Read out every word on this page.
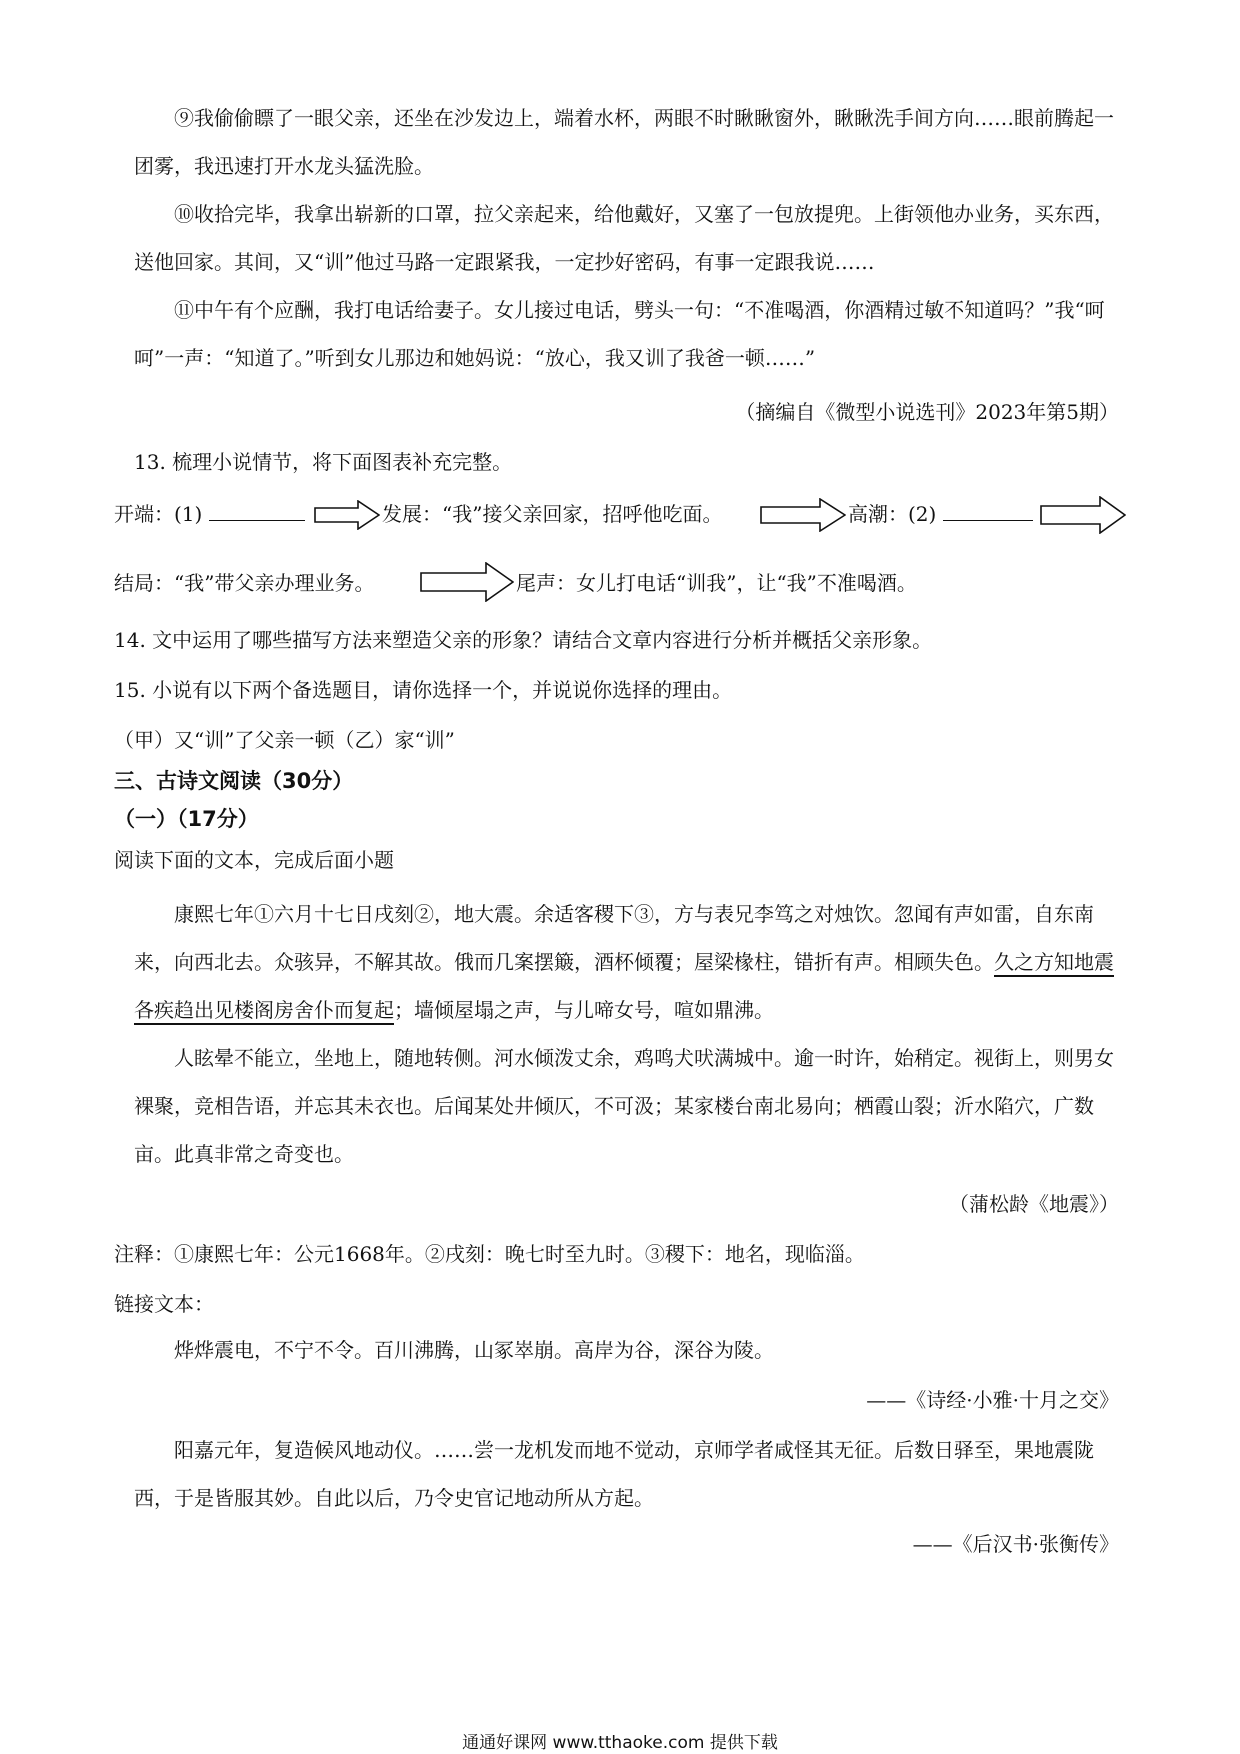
⑨我偷偷瞟了一眼父亲，还坐在沙发边上，端着水杯，两眼不时瞅瞅窗外，瞅瞅洗手间方向……眼前腾起一团雾，我迅速打开水龙头猛洗脸。

⑩收拾完毕，我拿出崭新的口罩，拉父亲起来，给他戴好，又塞了一包放提兜。上街领他办业务，买东西，送他回家。其间，又“训”他过马路一定跟紧我，一定抄好密码，有事一定跟我说……

⑪中午有个应酬，我打电话给妻子。女儿接过电话，劈头一句：“不准喝酒，你酒精过敏不知道吗？”我“呵呵”一声：“知道了。”听到女儿那边和她妈说：“放心，我又训了我爸一顿……”

（摘编自《微型小说选刊》2023年第5期）

13. 梳理小说情节，将下面图表补充完整。

开端：(1)	发展：“我”接父亲回家，招呼他吃面。	高潮：(2)
结局：“我”带父亲办理业务。	尾声：女儿打电话“训我”，让“我”不准喝酒。

14. 文中运用了哪些描写方法来塑造父亲的形象？请结合文章内容进行分析并概括父亲形象。

15. 小说有以下两个备选题目，请你选择一个，并说说你选择的理由。

（甲）又“训”了父亲一顿（乙）家“训”

三、古诗文阅读（30分）

（一）（17分）

阅读下面的文本，完成后面小题

康熙七年①六月十七日戌刻②，地大震。余适客稷下③，方与表兄李笃之对烛饮。忽闻有声如雷，自东南来，向西北去。众骇异，不解其故。俄而几案摆簸，酒杯倾覆；屋梁椽柱，错折有声。相顾失色。久之方知地震各疾趋出见楼阁房舍仆而复起；墙倾屋塌之声，与儿啼女号，喧如鼎沸。

人眩晕不能立，坐地上，随地转侧。河水倾泼丈余，鸡鸣犬吠满城中。逾一时许，始稍定。视街上，则男女裸聚，竞相告语，并忘其未衣也。后闻某处井倾仄，不可汲；某家楼台南北易向；栖霞山裂；沂水陷穴，广数亩。此真非常之奇变也。

（蒲松龄《地震》）

注释：①康熙七年：公元1668年。②戌刻：晚七时至九时。③稷下：地名，现临淄。

链接文本：

烨烨震电，不宁不令。百川沸腾，山冢崒崩。高岸为谷，深谷为陵。

——《诗经·小雅·十月之交》

阳嘉元年，复造候风地动仪。……尝一龙机发而地不觉动，京师学者咸怪其无征。后数日驿至，果地震陇西，于是皆服其妙。自此以后，乃令史官记地动所从方起。

——《后汉书·张衡传》

通通好课网 www.tthaoke.com 提供下载
